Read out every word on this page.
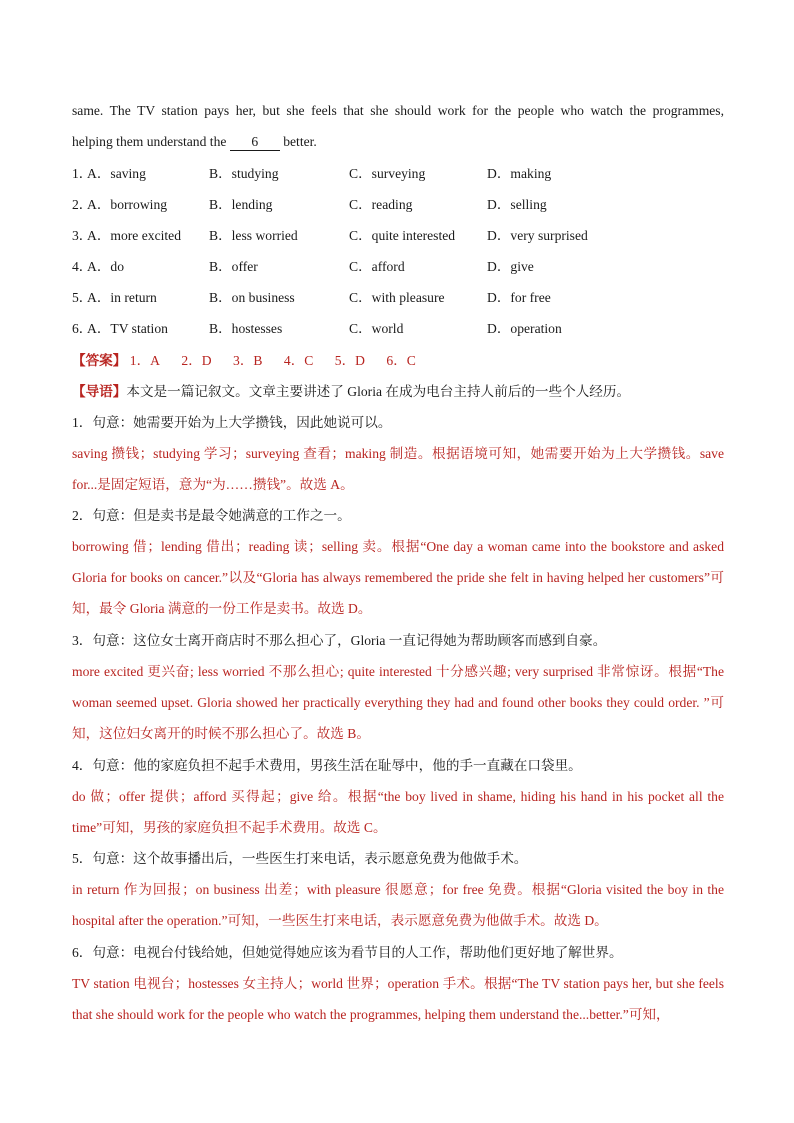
same. The TV station pays her, but she feels that she should work for the people who watch the programmes,
helping them understand the 6 better.
1．
A．saving	B．studying	C．surveying	D．making
2．
A．borrowing	B．lending	C．reading	D．selling
3．
A．more excited B．less worried	C．quite interested D．very surprised
4．
A．do	B．offer	C．afford	D．give
5．
A．in return	B．on business	C．with pleasure	D．for free
6．
A．TV station	B．hostesses	C．world	D．operation
【答案】 1．A 2．D 3．B 4．C 5．D 6．C
【导语】本文是一篇记叙文。文章主要讲述了 Gloria 在成为电台主持人前后的一些个人经历。
1．句意：她需要开始为上大学攒钱，因此她说可以。
saving 攒钱；studying 学习；surveying 查看；making 制造。根据语境可知，她需要开始为上大学攒钱。save for...是固定短语，意为“为……攒钱”。故选 A。
2．句意：但是卖书是最令她满意的工作之一。
borrowing 借；lending 借出；reading 读；selling 卖。根据“One day a woman came into the bookstore and asked Gloria for books on cancer.”以及“Gloria has always remembered the pride she felt in having helped her customers”可知，最令 Gloria 满意的一份工作是卖书。故选 D。
3．句意：这位女士离开商店时不那么担心了，Gloria 一直记得她为帮助顾客而感到自豪。
more excited 更兴奋; less worried 不那么担心; quite interested 十分感兴趣; very surprised 非常惊讶。根据“The woman seemed upset. Gloria showed her practically everything they had and found other books they could order. ”可知，这位妇女离开的时候不那么担心了。故选 B。
4．句意：他的家庭负担不起手术费用，男孩生活在耻辱中，他的手一直藏在口袋里。
do 做；offer 提供；afford 买得起；give 给。根据“the boy lived in shame, hiding his hand in his pocket all the time”可知，男孩的家庭负担不起手术费用。故选 C。
5．句意：这个故事播出后，一些医生打来电话，表示愿意免费为他做手术。
in return 作为回报；on business 出差；with pleasure 很愿意；for free 免费。根据“Gloria visited the boy in the hospital after the operation.”可知，一些医生打来电话，表示愿意免费为他做手术。故选 D。
6．句意：电视台付钱给她，但她觉得她应该为看节目的人工作，帮助他们更好地了解世界。
TV station 电视台；hostesses 女主持人；world 世界；operation 手术。根据“The TV station pays her, but she feels that she should work for the people who watch the programmes, helping them understand the...better.”可知，
